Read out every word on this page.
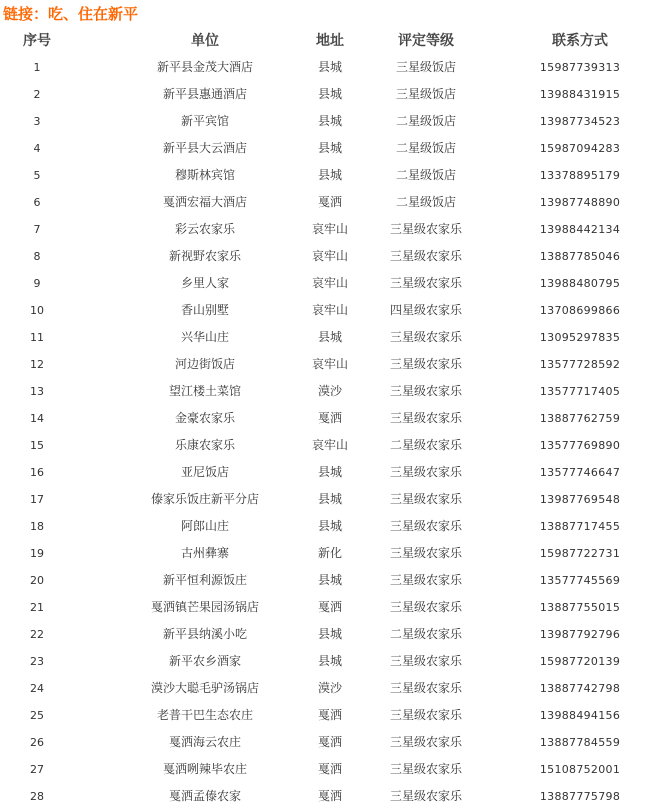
链接：吃、住在新平
序号	单位	地址	评定等级	联系方式
1	新平县金茂大酒店	县城	三星级饭店	15987739313
2	新平县惠通酒店	县城	三星级饭店	13988431915
3	新平宾馆	县城	二星级饭店	13987734523
4	新平县大云酒店	县城	二星级饭店	15987094283
5	穆斯林宾馆	县城	二星级饭店	13378895179
6	戛洒宏福大酒店	戛洒	二星级饭店	13987748890
7	彩云农家乐	哀牢山	三星级农家乐	13988442134
8	新视野农家乐	哀牢山	三星级农家乐	13887785046
9	乡里人家	哀牢山	三星级农家乐	13988480795
10	香山别墅	哀牢山	四星级农家乐	13708699866
11	兴华山庄	县城	三星级农家乐	13095297835
12	河边街饭店	哀牢山	三星级农家乐	13577728592
13	望江楼土菜馆	漠沙	三星级农家乐	13577717405
14	金豪农家乐	戛洒	三星级农家乐	13887762759
15	乐康农家乐	哀牢山	二星级农家乐	13577769890
16	亚尼饭店	县城	三星级农家乐	13577746647
17	傣家乐饭庄新平分店	县城	三星级农家乐	13987769548
18	阿郎山庄	县城	三星级农家乐	13887717455
19	古州彝寨	新化	三星级农家乐	15987722731
20	新平恒利源饭庄	县城	三星级农家乐	13577745569
21	戛洒镇芒果园汤锅店	戛洒	三星级农家乐	13887755015
22	新平县纳溪小吃	县城	二星级农家乐	13987792796
23	新平农乡酒家	县城	三星级农家乐	15987720139
24	漠沙大聪毛驴汤锅店	漠沙	三星级农家乐	13887742798
25	老普干巴生态农庄	戛洒	三星级农家乐	13988494156
26	戛洒海云农庄	戛洒	三星级农家乐	13887784559
27	戛洒咧辣毕农庄	戛洒	三星级农家乐	15108752001
28	戛洒孟傣农家	戛洒	三星级农家乐	13887775798
